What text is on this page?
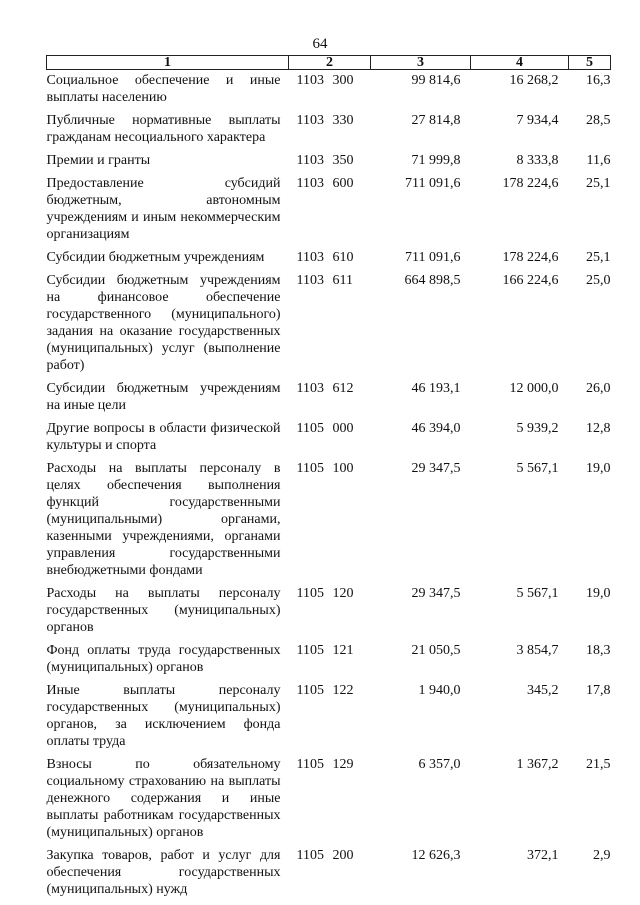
64
1	2	3	4	5
Социальное обеспечение и иные выплаты населению	1103 300	99 814,6	16 268,2	16,3
Публичные нормативные выплаты гражданам несоциального характера	1103 330	27 814,8	7 934,4	28,5
Премии и гранты	1103 350	71 999,8	8 333,8	11,6
Предоставление субсидий бюджетным, автономным учреждениям и иным некоммерческим организациям	1103 600	711 091,6	178 224,6	25,1
Субсидии бюджетным учреждениям	1103 610	711 091,6	178 224,6	25,1
Субсидии бюджетным учреждениям на финансовое обеспечение государственного (муниципального) задания на оказание государственных (муниципальных) услуг (выполнение работ)	1103 611	664 898,5	166 224,6	25,0
Субсидии бюджетным учреждениям на иные цели	1103 612	46 193,1	12 000,0	26,0
Другие вопросы в области физической культуры и спорта	1105 000	46 394,0	5 939,2	12,8
Расходы на выплаты персоналу в целях обеспечения выполнения функций государственными (муниципальными) органами, казенными учреждениями, органами управления государственными внебюджетными фондами	1105 100	29 347,5	5 567,1	19,0
Расходы на выплаты персоналу государственных (муниципальных) органов	1105 120	29 347,5	5 567,1	19,0
Фонд оплаты труда государственных (муниципальных) органов	1105 121	21 050,5	3 854,7	18,3
Иные выплаты персоналу государственных (муниципальных) органов, за исключением фонда оплаты труда	1105 122	1 940,0	345,2	17,8
Взносы по обязательному социальному страхованию на выплаты денежного содержания и иные выплаты работникам государственных (муниципальных) органов	1105 129	6 357,0	1 367,2	21,5
Закупка товаров, работ и услуг для обеспечения государственных (муниципальных) нужд	1105 200	12 626,3	372,1	2,9
